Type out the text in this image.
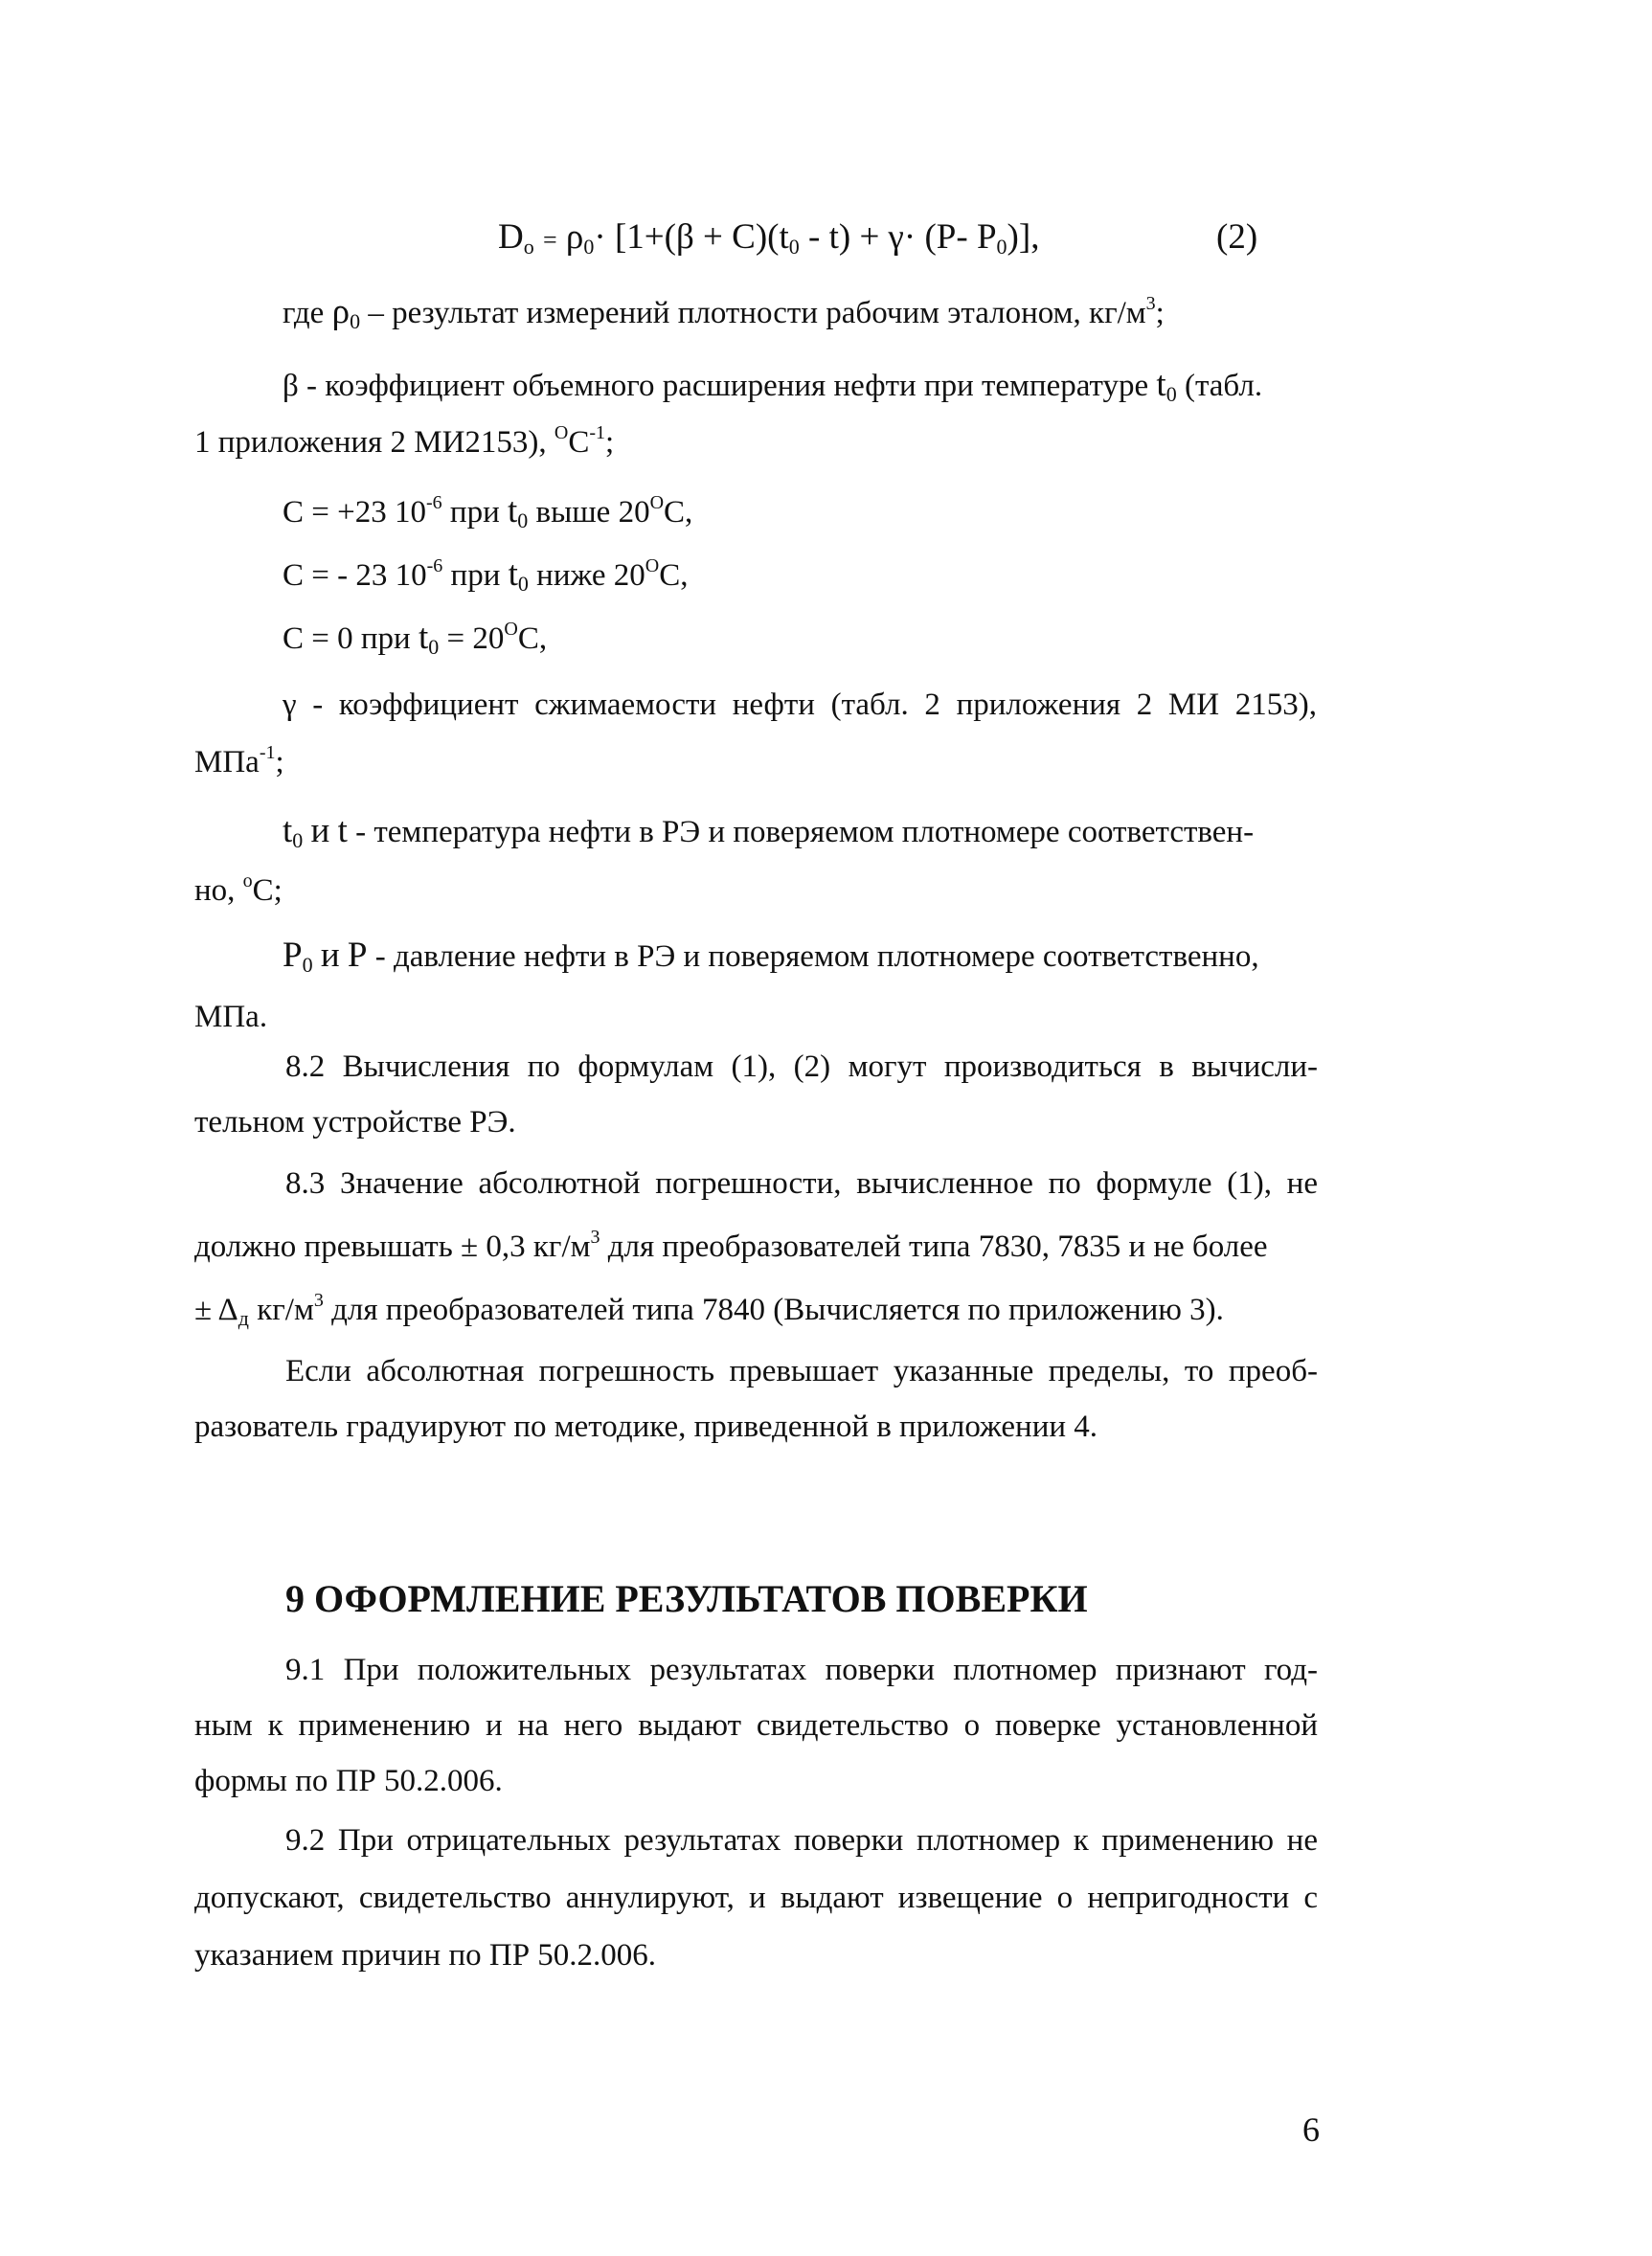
$D_o = \rho_0\cdot [1+(\beta + C)(t_0 - t) + \gamma\cdot (P-$ $P_0$)],	(2)
где $\rho_0$ – результат измерений плотности рабочим эталоном, $кг/м^3$;
β - коэффициент объемного расширения нефти при температуре $t_0$ (табл.
1 приложения 2 МИ2153), $^OC^{-1}$;
С = +23 $10^{-6}$ при $t_0$ выше $20^OC$,
С = - 23 $10^{-6}$ при $t_0$ ниже $20^OC$,
С = 0 при $t_0 = 20^OC$,
γ - коэффициент сжимаемости нефти (табл. 2 приложения 2 МИ 2153),
МПа$^{-1}$;
$t_0$ и t - температура нефти в РЭ и поверяемом плотномере соответствен-
но, $^o$С;
$P_0$ и P - давление нефти в РЭ и поверяемом плотномере соответственно,
МПа.
8.2 Вычисления по формулам (1), (2) могут производиться в вычисли-
тельном устройстве РЭ.
8.3 Значение абсолютной погрешности, вычисленное по формуле (1), не
должно превышать ± 0,3 $кг/м^3$ для преобразователей типа 7830, 7835 и не более
± $\Delta_д$ $кг/м^3$ для преобразователей типа 7840 (Вычисляется по приложению 3).
Если абсолютная погрешность превышает указанные пределы, то преоб-
разователь градуируют по методике, приведенной в приложении 4.
9 ОФОРМЛЕНИЕ РЕЗУЛЬТАТОВ ПОВЕРКИ
9.1 При положительных результатах поверки плотномер признают год-
ным к применению и на него выдают свидетельство о поверке установленной
формы по ПР 50.2.006.
9.2 При отрицательных результатах поверки плотномер к применению не
допускают, свидетельство аннулируют, и выдают извещение о непригодности с
указанием причин по ПР 50.2.006.
6
